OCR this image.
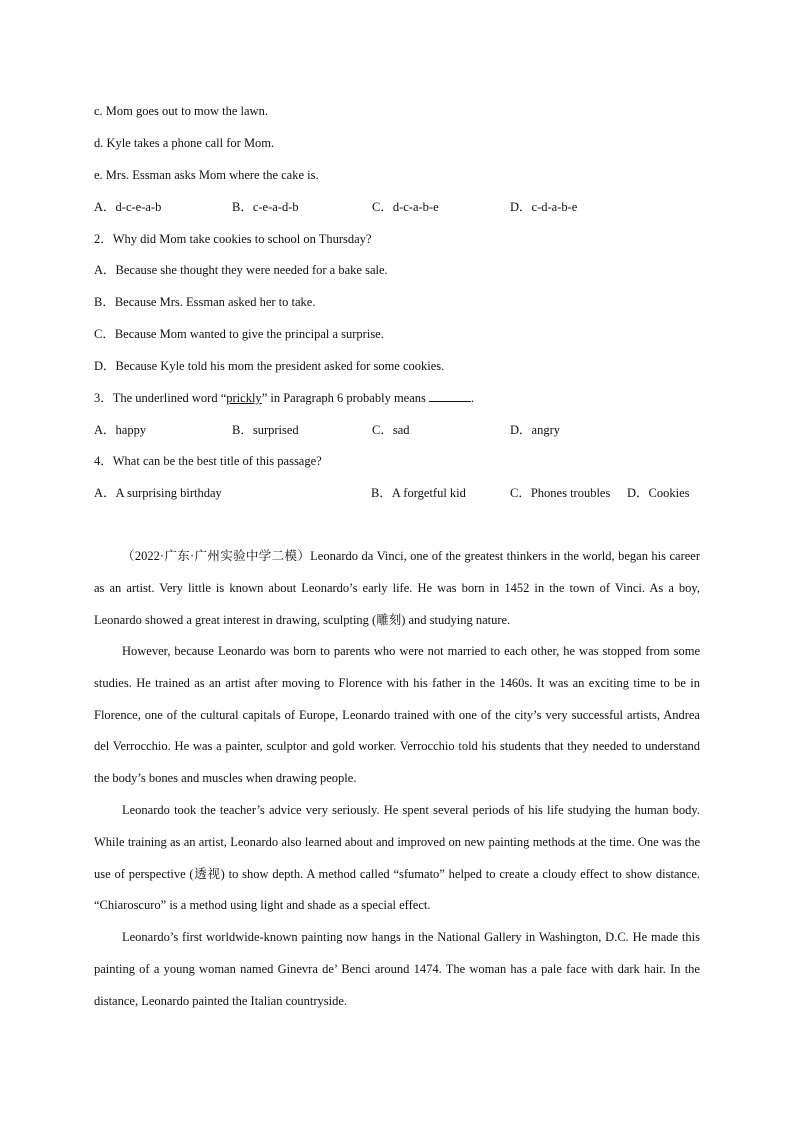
c. Mom goes out to mow the lawn.
d. Kyle takes a phone call for Mom.
e. Mrs. Essman asks Mom where the cake is.
A．d-c-e-a-b	B．c-e-a-d-b	C．d-c-a-b-e	D．c-d-a-b-e
2．Why did Mom take cookies to school on Thursday?
A．Because she thought they were needed for a bake sale.
B．Because Mrs. Essman asked her to take.
C．Because Mom wanted to give the principal a surprise.
D．Because Kyle told his mom the president asked for some cookies.
3．The underlined word “prickly” in Paragraph 6 probably means	.
A．happy	B．surprised	C．sad	D．angry
4．What can be the best title of this passage?
A．A surprising birthday	B．A forgetful kid	C．Phones troubles D．Cookies
（2022·广东·广州实验中学二模）Leonardo da Vinci, one of the greatest thinkers in the world, began his career as an artist. Very little is known about Leonardo’s early life. He was born in 1452 in the town of Vinci. As a boy, Leonardo showed a great interest in drawing, sculpting (雕刻) and studying nature.
However, because Leonardo was born to parents who were not married to each other, he was stopped from some studies. He trained as an artist after moving to Florence with his father in the 1460s. It was an exciting time to be in Florence, one of the cultural capitals of Europe, Leonardo trained with one of the city’s very successful artists, Andrea del Verrocchio. He was a painter, sculptor and gold worker. Verrocchio told his students that they needed to understand the body’s bones and muscles when drawing people.
Leonardo took the teacher’s advice very seriously. He spent several periods of his life studying the human body. While training as an artist, Leonardo also learned about and improved on new painting methods at the time. One was the use of perspective (透视) to show depth. A method called “sfumato” helped to create a cloudy effect to show distance. “Chiaroscuro” is a method using light and shade as a special effect.
Leonardo’s first worldwide-known painting now hangs in the National Gallery in Washington, D.C. He made this painting of a young woman named Ginevra de’ Benci around 1474. The woman has a pale face with dark hair. In the distance, Leonardo painted the Italian countryside.
